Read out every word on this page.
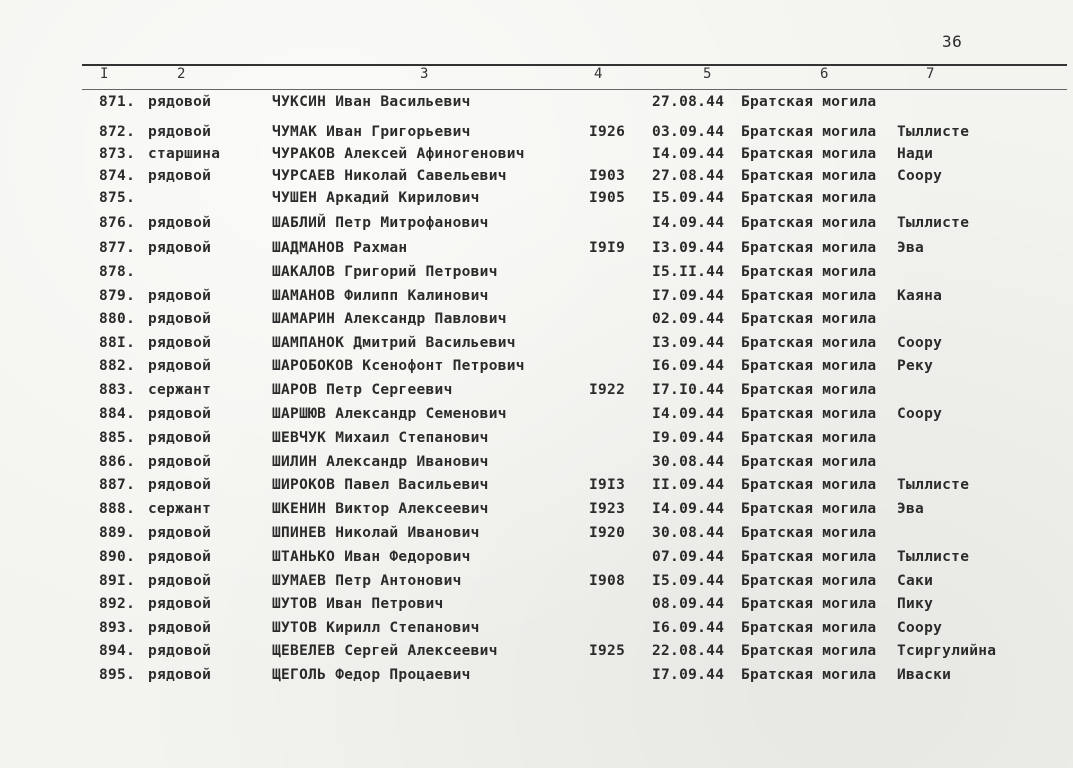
36
I	2	3	4	5	6	7
871. рядовой	ЧУКСИН Иван Васильевич	27.08.44 Братская могила
872. рядовой	ЧУМАК Иван Григорьевич	I926 03.09.44 Братская могила Тыллисте
873. старшина	ЧУРАКОВ Алексей Афиногенович	I4.09.44 Братская могила Нади
874. рядовой	ЧУРСАЕВ Николай Савельевич	I903 27.08.44 Братская могила Соору
875.	ЧУШЕН Аркадий Кирилович	I905 I5.09.44 Братская могила
876. рядовой	ШАБЛИЙ Петр Митрофанович	I4.09.44 Братская могила Тыллисте
877. рядовой	ШАДМАНОВ Рахман	I9I9 I3.09.44 Братская могила Эва
878.	ШАКАЛОВ Григорий Петрович	I5.II.44 Братская могила
879. рядовой	ШАМАНОВ Филипп Калинович	I7.09.44 Братская могила Каяна
880. рядовой	ШАМАРИН Александр Павлович	02.09.44 Братская могила
88I. рядовой	ШАМПАНОК Дмитрий Васильевич	I3.09.44 Братская могила Соору
882. рядовой	ШАРОБОКОВ Ксенофонт Петрович	I6.09.44 Братская могила Реку
883. сержант	ШАРОВ Петр Сергеевич	I922 I7.I0.44 Братская могила
884. рядовой	ШАРШЮВ Александр Семенович	I4.09.44 Братская могила Соору
885. рядовой	ШЕВЧУК Михаил Степанович	I9.09.44 Братская могила
886. рядовой	ШИЛИН Александр Иванович	30.08.44 Братская могила
887. рядовой	ШИРОКОВ Павел Васильевич	I9I3 II.09.44 Братская могила Тыллисте
888. сержант	ШКЕНИН Виктор Алексеевич	I923 I4.09.44 Братская могила Эва
889. рядовой	ШПИНЕВ Николай Иванович	I920 30.08.44 Братская могила
890. рядовой	ШТАНЬКО Иван Федорович	07.09.44 Братская могила Тыллисте
89I. рядовой	ШУМАЕВ Петр Антонович	I908 I5.09.44 Братская могила Саки
892. рядовой	ШУТОВ Иван Петрович	08.09.44 Братская могила Пику
893. рядовой	ШУТОВ Кирилл Степанович	I6.09.44 Братская могила Соору
894. рядовой	ЩЕВЕЛЕВ Сергей Алексеевич	I925 22.08.44 Братская могила Тсиргулийна
895. рядовой	ЩЕГОЛЬ Федор Процаевич	I7.09.44 Братская могила Иваски
